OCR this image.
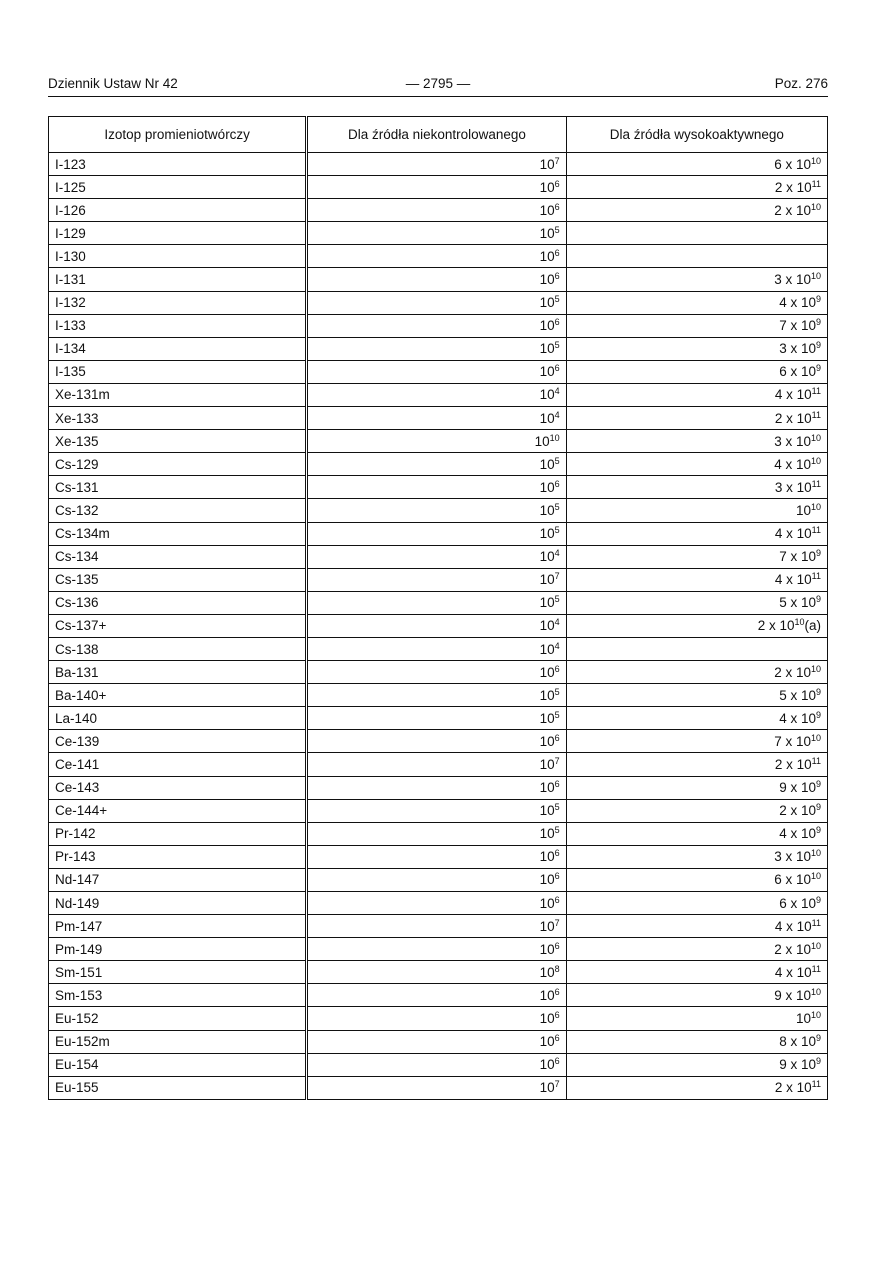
Dziennik Ustaw Nr 42	— 2795 —	Poz. 276
Izotop promieniotwórczy		Dla źródła niekontrolowanego	Dla źródła wysokoaktywnego
I-123		$10^7$	6 x $10^{10}$
I-125		$10^6$	2 x $10^{11}$
I-126		$10^6$	2 x $10^{10}$
I-129		$10^5$	
I-130		$10^6$	
I-131		$10^6$	3 x $10^{10}$
I-132		$10^5$	4 x $10^9$
I-133		$10^6$	7 x $10^9$
I-134		$10^5$	3 x $10^9$
I-135		$10^6$	6 x $10^9$
Xe-131m		$10^4$	4 x $10^{11}$
Xe-133		$10^4$	2 x $10^{11}$
Xe-135		$10^{10}$	3 x $10^{10}$
Cs-129		$10^5$	4 x $10^{10}$
Cs-131		$10^6$	3 x $10^{11}$
Cs-132		$10^5$	$10^{10}$
Cs-134m		$10^5$	4 x $10^{11}$
Cs-134		$10^4$	7 x $10^9$
Cs-135		$10^7$	4 x $10^{11}$
Cs-136		$10^5$	5 x $10^9$
Cs-137+		$10^4$	2 x $10^{10}(a)$
Cs-138		$10^4$	
Ba-131		$10^6$	2 x $10^{10}$
Ba-140+		$10^5$	5 x $10^9$
La-140		$10^5$	4 x $10^9$
Ce-139		$10^6$	7 x $10^{10}$
Ce-141		$10^7$	2 x $10^{11}$
Ce-143		$10^6$	9 x $10^9$
Ce-144+		$10^5$	2 x $10^9$
Pr-142		$10^5$	4 x $10^9$
Pr-143		$10^6$	3 x $10^{10}$
Nd-147		$10^6$	6 x $10^{10}$
Nd-149		$10^6$	6 x $10^9$
Pm-147		$10^7$	4 x $10^{11}$
Pm-149		$10^6$	2 x $10^{10}$
Sm-151		$10^8$	4 x $10^{11}$
Sm-153		$10^6$	9 x $10^{10}$
Eu-152		$10^6$	$10^{10}$
Eu-152m		$10^6$	8 x $10^9$
Eu-154		$10^6$	9 x $10^9$
Eu-155		$10^7$	2 x $10^{11}$
